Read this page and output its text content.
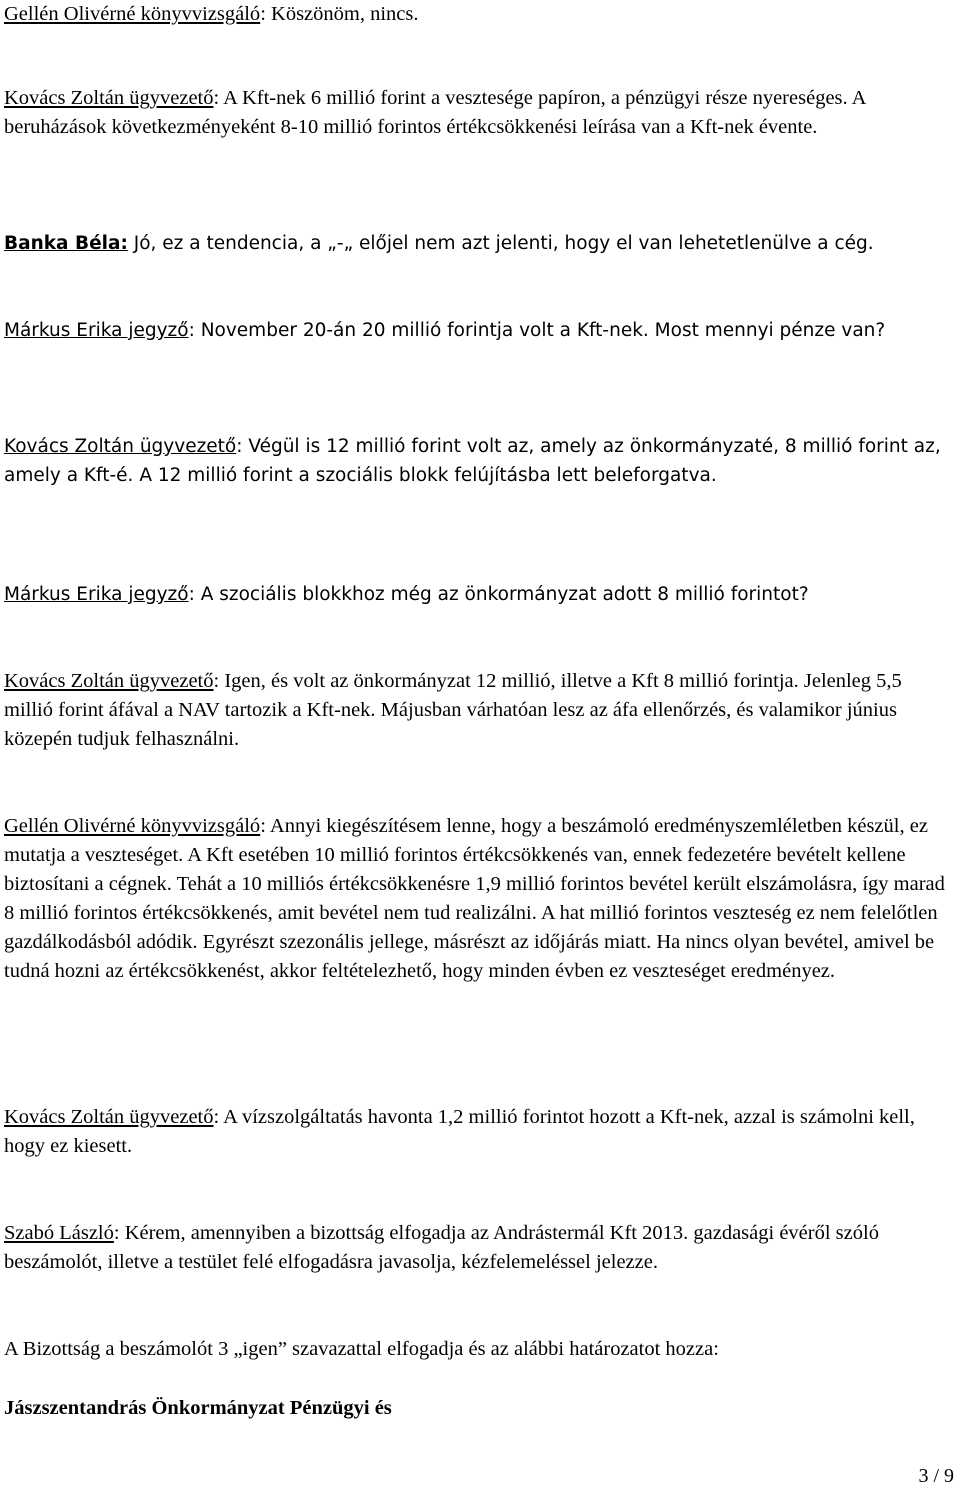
Gellén Olivérné könyvvizsgáló: Köszönöm, nincs.

Kovács Zoltán ügyvezető: A Kft-nek 6 millió forint a vesztesége papíron, a pénzügyi része nyereséges. A beruházások következményeként 8-10 millió forintos értékcsökkenési leírása van a Kft-nek évente.

Banka Béla: Jó, ez a tendencia, a „-„ előjel nem azt jelenti, hogy el van lehetetlenülve a cég.

Márkus Erika jegyző: November 20-án 20 millió forintja volt a Kft-nek. Most mennyi pénze van?

Kovács Zoltán ügyvezető: Végül is 12 millió forint volt az, amely az önkormányzaté, 8 millió forint az, amely a Kft-é. A 12 millió forint a szociális blokk felújításba lett beleforgatva.

Márkus Erika jegyző: A szociális blokkhoz még az önkormányzat adott 8 millió forintot?

Kovács Zoltán ügyvezető: Igen, és volt az önkormányzat 12 millió, illetve a Kft 8 millió forintja. Jelenleg 5,5 millió forint áfával a NAV tartozik a Kft-nek. Májusban várhatóan lesz az áfa ellenőrzés, és valamikor június közepén tudjuk felhasználni.

Gellén Olivérné könyvvizsgáló: Annyi kiegészítésem lenne, hogy a beszámoló eredményszemléletben készül, ez mutatja a veszteséget. A Kft esetében 10 millió forintos értékcsökkenés van, ennek fedezetére bevételt kellene biztosítani a cégnek. Tehát a 10 milliós értékcsökkenésre 1,9 millió forintos bevétel került elszámolásra, így marad 8 millió forintos értékcsökkenés, amit bevétel nem tud realizálni. A hat millió forintos veszteség ez nem felelőtlen gazdálkodásból adódik. Egyrészt szezonális jellege, másrészt az időjárás miatt. Ha nincs olyan bevétel, amivel be tudná hozni az értékcsökkenést, akkor feltételezhető, hogy minden évben ez veszteséget eredményez.

Kovács Zoltán ügyvezető: A vízszolgáltatás havonta 1,2 millió forintot hozott a Kft-nek, azzal is számolni kell, hogy ez kiesett.

Szabó László: Kérem, amennyiben a bizottság elfogadja az Andrástermál Kft 2013. gazdasági évéről szóló beszámolót, illetve a testület felé elfogadásra javasolja, kézfelemeléssel jelezze.

A Bizottság a beszámolót 3 „igen” szavazattal elfogadja és az alábbi határozatot hozza:

Jászszentandrás Önkormányzat Pénzügyi és

3 / 9
